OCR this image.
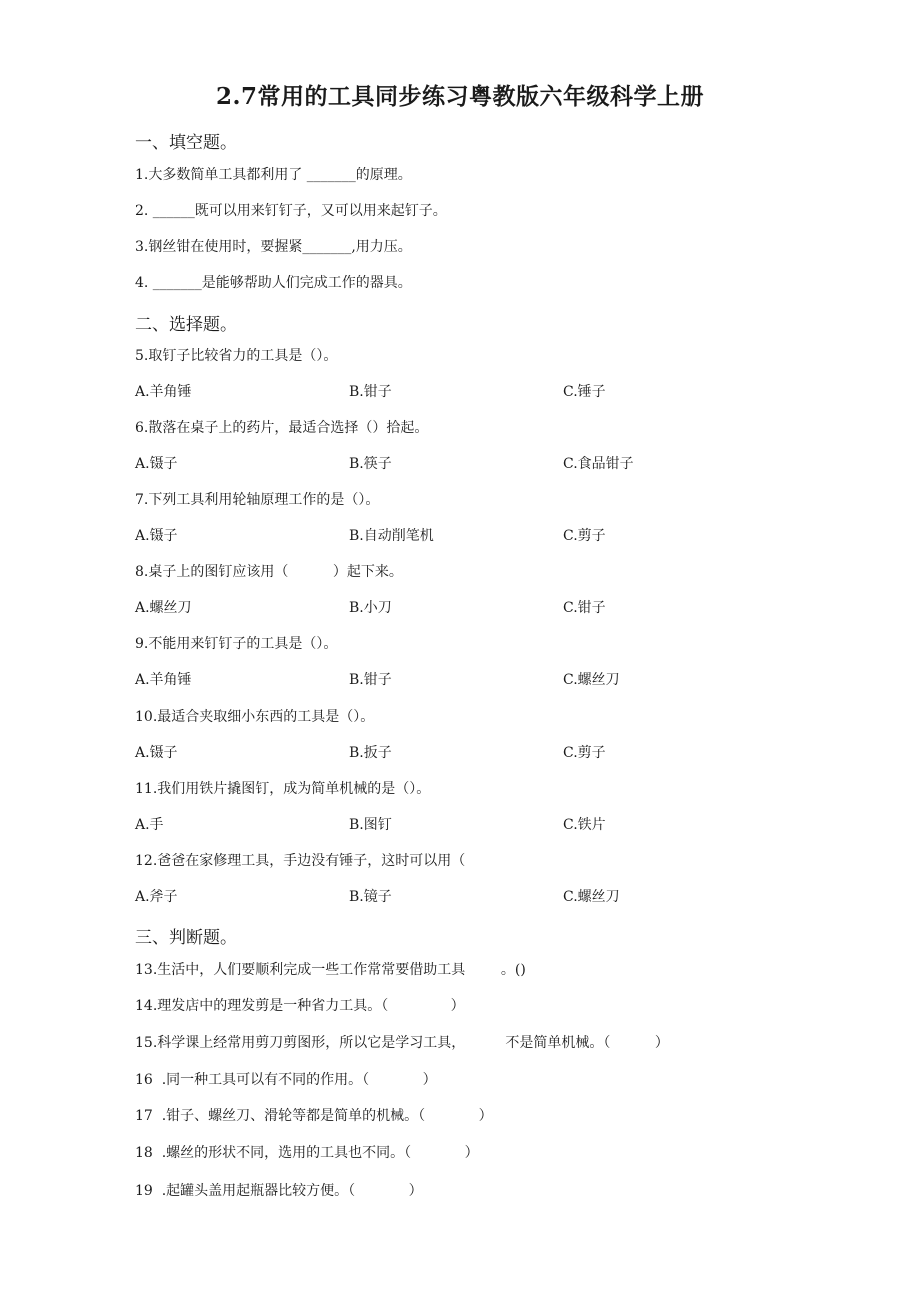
2.7常用的工具同步练习粤教版六年级科学上册
一、填空题。
1.大多数简单工具都利用了 _______的原理。
2. ______既可以用来钉钉子，又可以用来起钉子。
3.钢丝钳在使用时，要握紧_______,用力压。
4. _______是能够帮助人们完成工作的器具。
二、选择题。
5.取钉子比较省力的工具是（）。
A.羊角锤	B.钳子	C.锤子
6.散落在桌子上的药片，最适合选择（）拾起。
A.镊子	B.筷子	C.食品钳子
7.下列工具利用轮轴原理工作的是（）。
A.镊子	B.自动削笔机	C.剪子
8.桌子上的图钉应该用（          ）起下来。
A.螺丝刀	B.小刀	C.钳子
9.不能用来钉钉子的工具是（）。
A.羊角锤	B.钳子	C.螺丝刀
10.最适合夹取细小东西的工具是（）。
A.镊子	B.扳子	C.剪子
11.我们用铁片撬图钉，成为简单机械的是（）。
A.手	B.图钉	C.铁片
12.爸爸在家修理工具，手边没有锤子，这时可以用（
A.斧子	B.镜子	C.螺丝刀
三、判断题。
13.生活中，人们要顺利完成一些工作常常要借助工具        。()
14.理发店中的理发剪是一种省力工具。（              ）
15.科学课上经常用剪刀剪图形，所以它是学习工具，         不是简单机械。（          ）
16  .同一种工具可以有不同的作用。（            ）
17  .钳子、螺丝刀、滑轮等都是简单的机械。（            ）
18  .螺丝的形状不同，选用的工具也不同。（            ）
19  .起罐头盖用起瓶器比较方便。（            ）
